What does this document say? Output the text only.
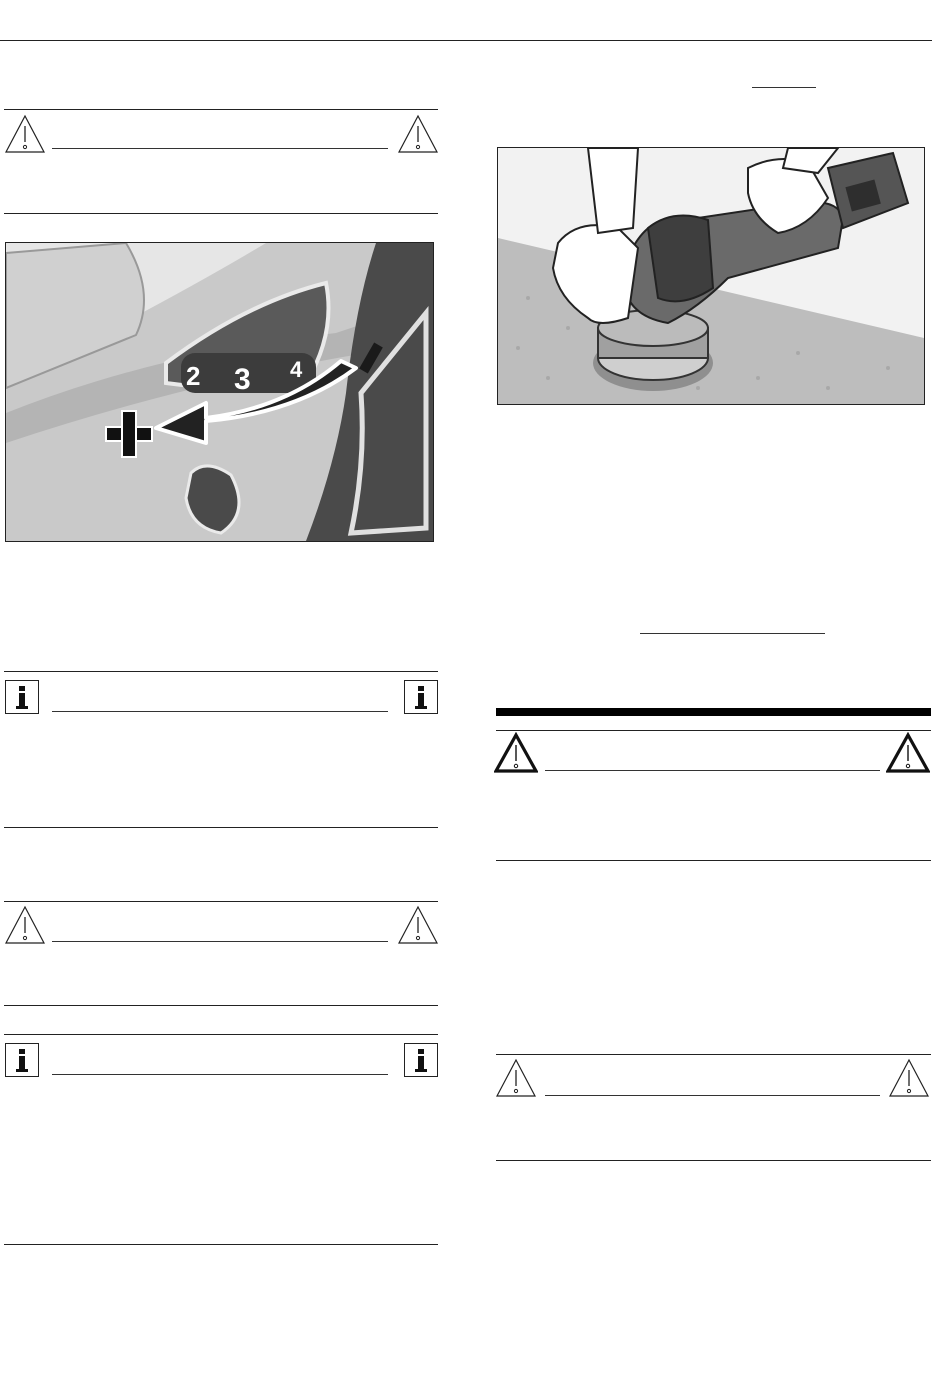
2 3 4
